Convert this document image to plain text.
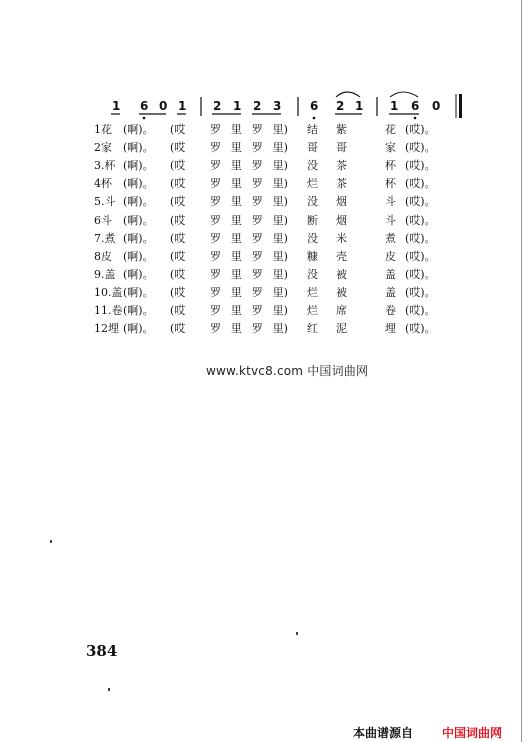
1 6 0 1 2 1 2 3 6 2 1 1 6 0
1花 (啊)。 (哎 罗 里 罗 里) 结 紫	花 (哎)。
2家 (啊)。 (哎 罗 里 罗 里) 哥 哥	家 (哎)。
3.杯 (啊)。 (哎 罗 里 罗 里) 没 茶	杯 (哎)。
4杯 (啊)。 (哎 罗 里 罗 里) 烂 茶	杯 (哎)。
5.斗 (啊)。 (哎 罗 里 罗 里) 没 烟	斗 (哎)。
6斗 (啊)。 (哎 罗 里 罗 里) 断 烟	斗 (哎)。
7.煮 (啊)。 (哎 罗 里 罗 里) 没 米	煮 (哎)。
8皮 (啊)。 (哎 罗 里 罗 里) 糠 壳	皮 (哎)。
9.盖 (啊)。 (哎 罗 里 罗 里) 没 被	盖 (哎)。
10.盖 (啊)。 (哎 罗 里 罗 里) 烂 被	盖 (哎)。
11.卷 (啊)。 (哎 罗 里 罗 里) 烂 席	卷 (哎)。
12埋 (啊)。 (哎 罗 里 罗 里) 红 泥	埋 (哎)。
www.ktvc8.com 中国词曲网
384
本曲谱源自 中国词曲网
